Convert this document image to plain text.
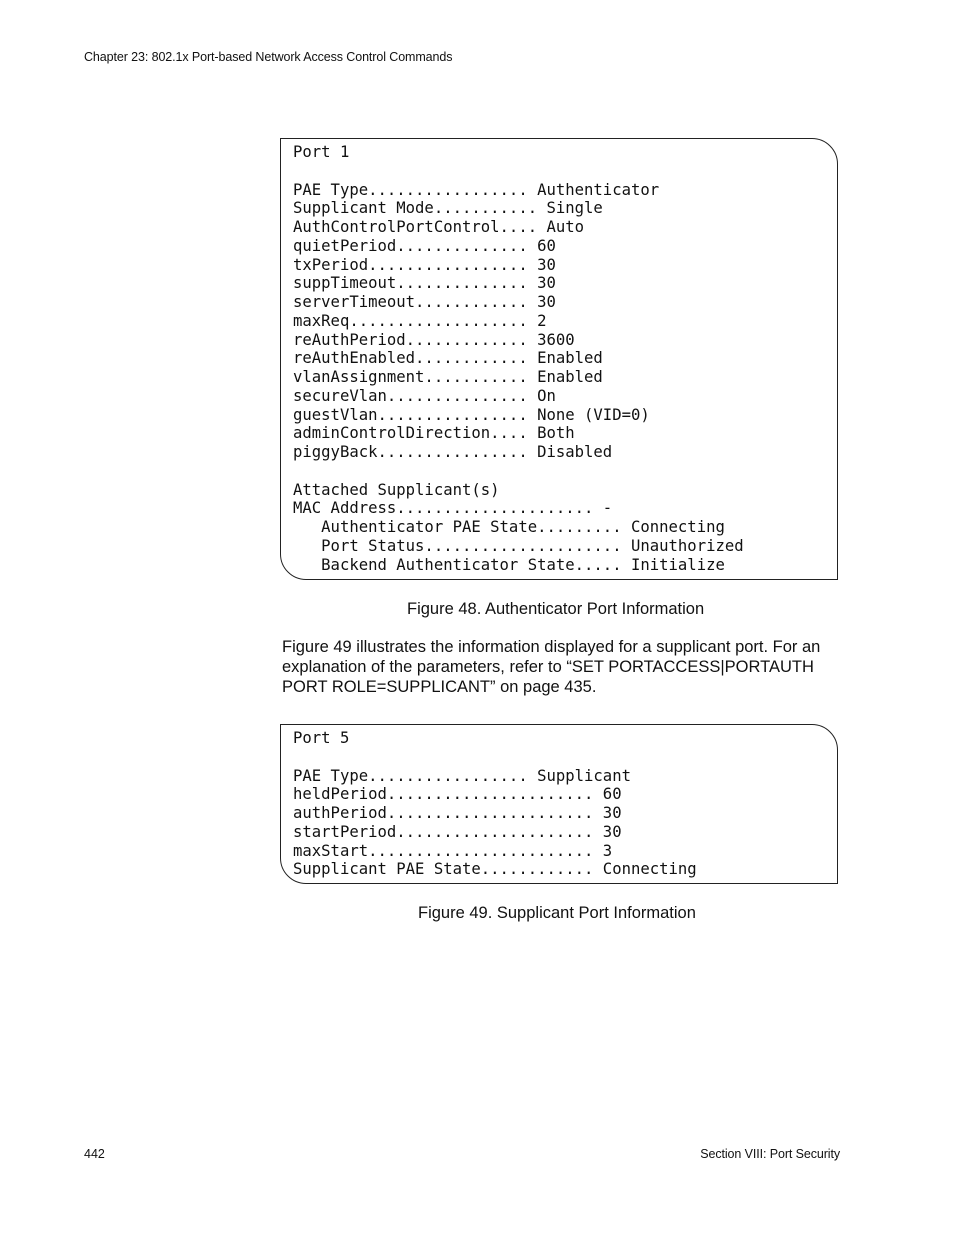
Chapter 23: 802.1x Port-based Network Access Control Commands
Port 1

PAE Type................. Authenticator
Supplicant Mode........... Single
AuthControlPortControl.... Auto
quietPeriod.............. 60
txPeriod................. 30
suppTimeout.............. 30
serverTimeout............ 30
maxReq................... 2
reAuthPeriod............. 3600
reAuthEnabled............ Enabled
vlanAssignment........... Enabled
secureVlan............... On
guestVlan................ None (VID=0)
adminControlDirection.... Both
piggyBack................ Disabled

Attached Supplicant(s)
MAC Address..................... -
Authenticator PAE State......... Connecting
Port Status..................... Unauthorized
Backend Authenticator State..... Initialize
Figure 48. Authenticator Port Information
Figure 49 illustrates the information displayed for a supplicant port. For an
explanation of the parameters, refer to “SET PORTACCESS|PORTAUTH
PORT ROLE=SUPPLICANT” on page 435.
Port 5

PAE Type................. Supplicant
heldPeriod...................... 60
authPeriod...................... 30
startPeriod..................... 30
maxStart........................ 3
Supplicant PAE State............ Connecting
Figure 49. Supplicant Port Information
442	Section VIII: Port Security
